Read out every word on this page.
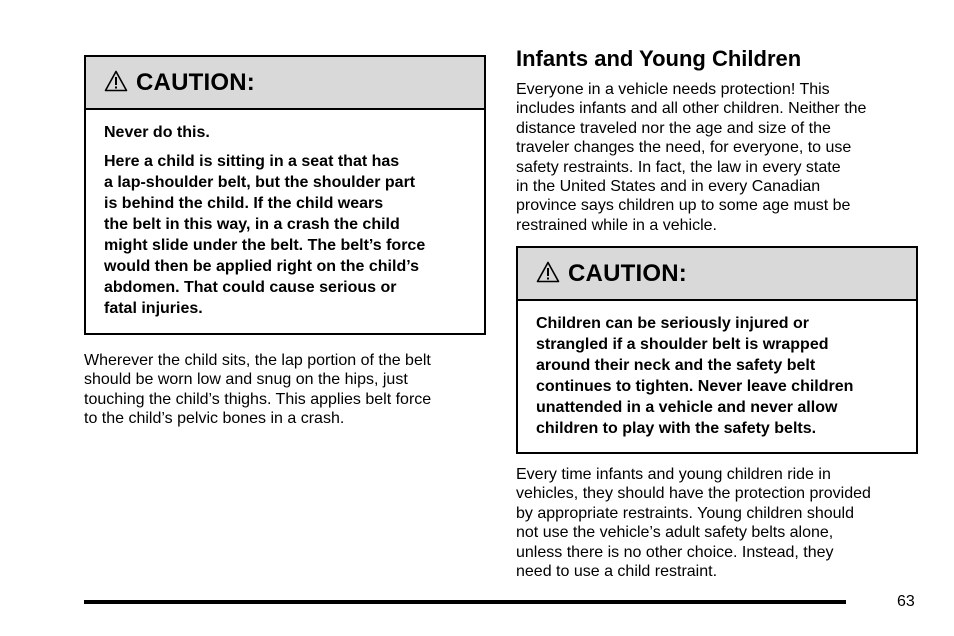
CAUTION:

Never do this.

Here a child is sitting in a seat that has
a lap-shoulder belt, but the shoulder part
is behind the child. If the child wears
the belt in this way, in a crash the child
might slide under the belt. The belt’s force
would then be applied right on the child’s
abdomen. That could cause serious or
fatal injuries.

Wherever the child sits, the lap portion of the belt
should be worn low and snug on the hips, just
touching the child’s thighs. This applies belt force
to the child’s pelvic bones in a crash.

Infants and Young Children

Everyone in a vehicle needs protection! This
includes infants and all other children. Neither the
distance traveled nor the age and size of the
traveler changes the need, for everyone, to use
safety restraints. In fact, the law in every state
in the United States and in every Canadian
province says children up to some age must be
restrained while in a vehicle.

CAUTION:

Children can be seriously injured or
strangled if a shoulder belt is wrapped
around their neck and the safety belt
continues to tighten. Never leave children
unattended in a vehicle and never allow
children to play with the safety belts.

Every time infants and young children ride in
vehicles, they should have the protection provided
by appropriate restraints. Young children should
not use the vehicle’s adult safety belts alone,
unless there is no other choice. Instead, they
need to use a child restraint.

63
